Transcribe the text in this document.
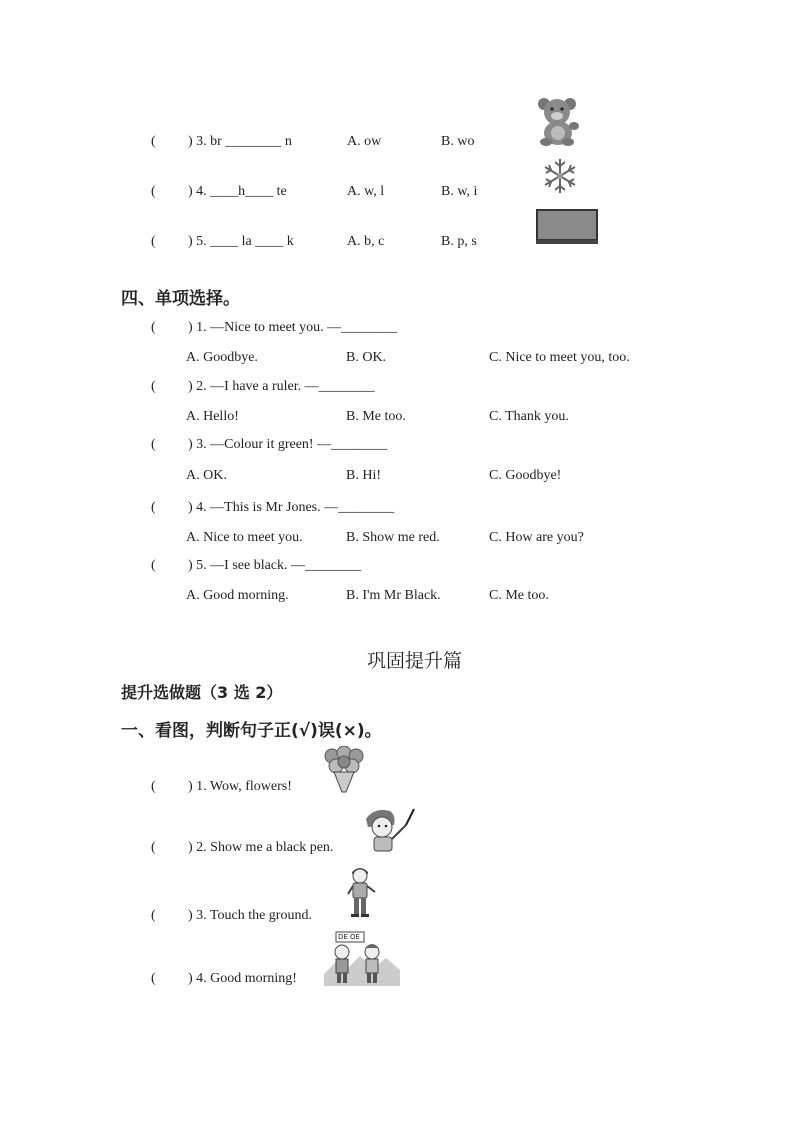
( ) 3. br ________ n	A. ow	B. wo
( ) 4. ____h____ te	A. w, l	B. w, i
( ) 5. ____ la ____ k	A. b, c	B. p, s
四、单项选择。
( ) 1. —Nice to meet you. —________
A. Goodbye.	B. OK.	C. Nice to meet you, too.
( ) 2. —I have a ruler. —________
A. Hello!	B. Me too.	C. Thank you.
( ) 3. —Colour it green! —________
A. OK.	B. Hi!	C. Goodbye!
( ) 4. —This is Mr Jones. —________
A. Nice to meet you.	B. Show me red.	C. How are you?
( ) 5. —I see black. —________
A. Good morning.	B. I'm Mr Black.	C. Me too.
巩固提升篇
提升选做题（3 选 2）
一、看图，判断句子正(√)误(×)。
( ) 1. Wow, flowers!
( ) 2. Show me a black pen.
( ) 3. Touch the ground.
( ) 4. Good morning!
DE OE
